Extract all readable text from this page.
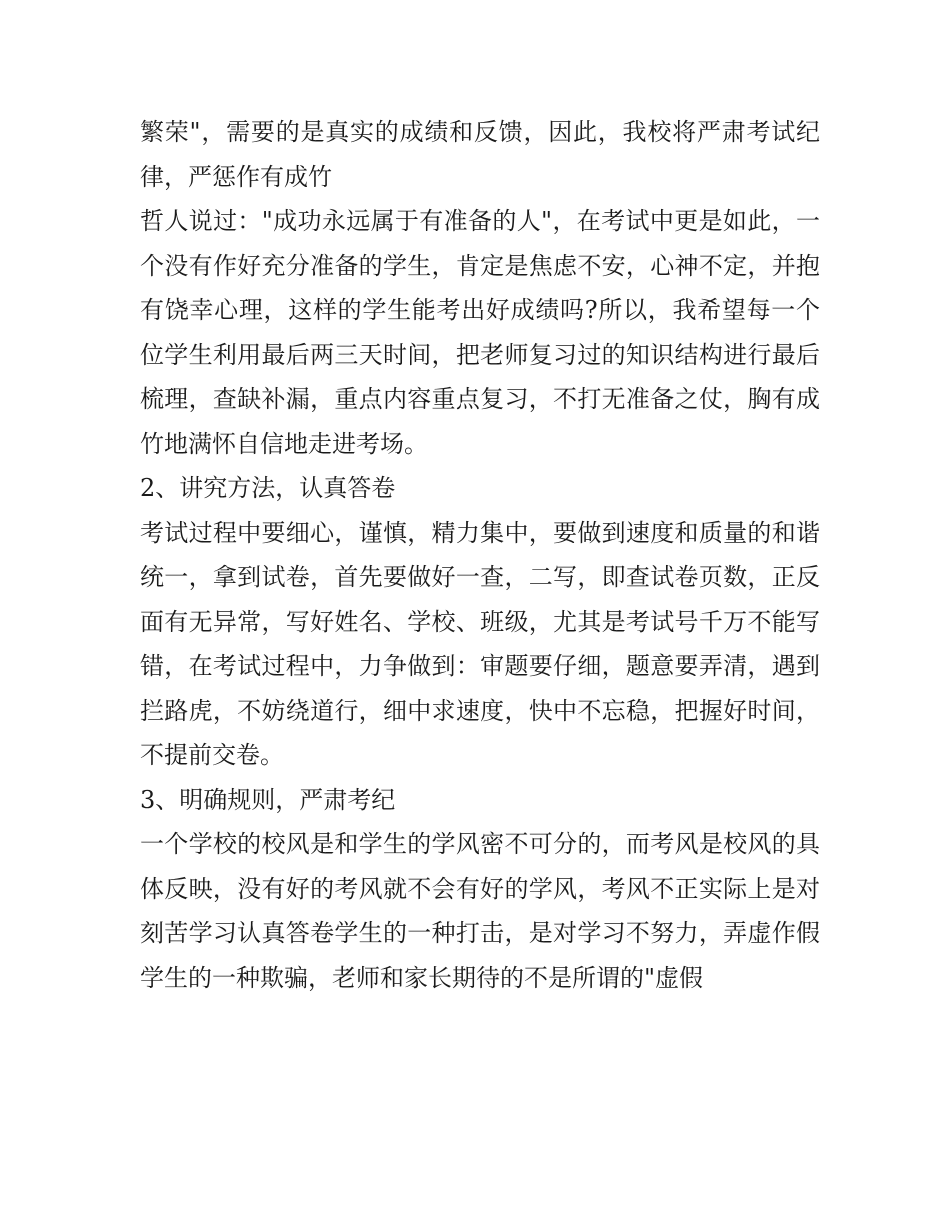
繁荣"，需要的是真实的成绩和反馈，因此，我校将严肃考试纪律，严惩作有成竹

哲人说过："成功永远属于有准备的人"，在考试中更是如此，一个没有作好充分准备的学生，肯定是焦虑不安，心神不定，并抱有饶幸心理，这样的学生能考出好成绩吗?所以，我希望每一个位学生利用最后两三天时间，把老师复习过的知识结构进行最后梳理，查缺补漏，重点内容重点复习，不打无准备之仗，胸有成竹地满怀自信地走进考场。

2、讲究方法，认真答卷

考试过程中要细心，谨慎，精力集中，要做到速度和质量的和谐统一，拿到试卷，首先要做好一查，二写，即查试卷页数，正反面有无异常，写好姓名、学校、班级，尤其是考试号千万不能写错，在考试过程中，力争做到：审题要仔细，题意要弄清，遇到拦路虎，不妨绕道行，细中求速度，快中不忘稳，把握好时间，不提前交卷。

3、明确规则，严肃考纪

一个学校的校风是和学生的学风密不可分的，而考风是校风的具体反映，没有好的考风就不会有好的学风，考风不正实际上是对刻苦学习认真答卷学生的一种打击，是对学习不努力，弄虚作假学生的一种欺骗，老师和家长期待的不是所谓的"虚假
